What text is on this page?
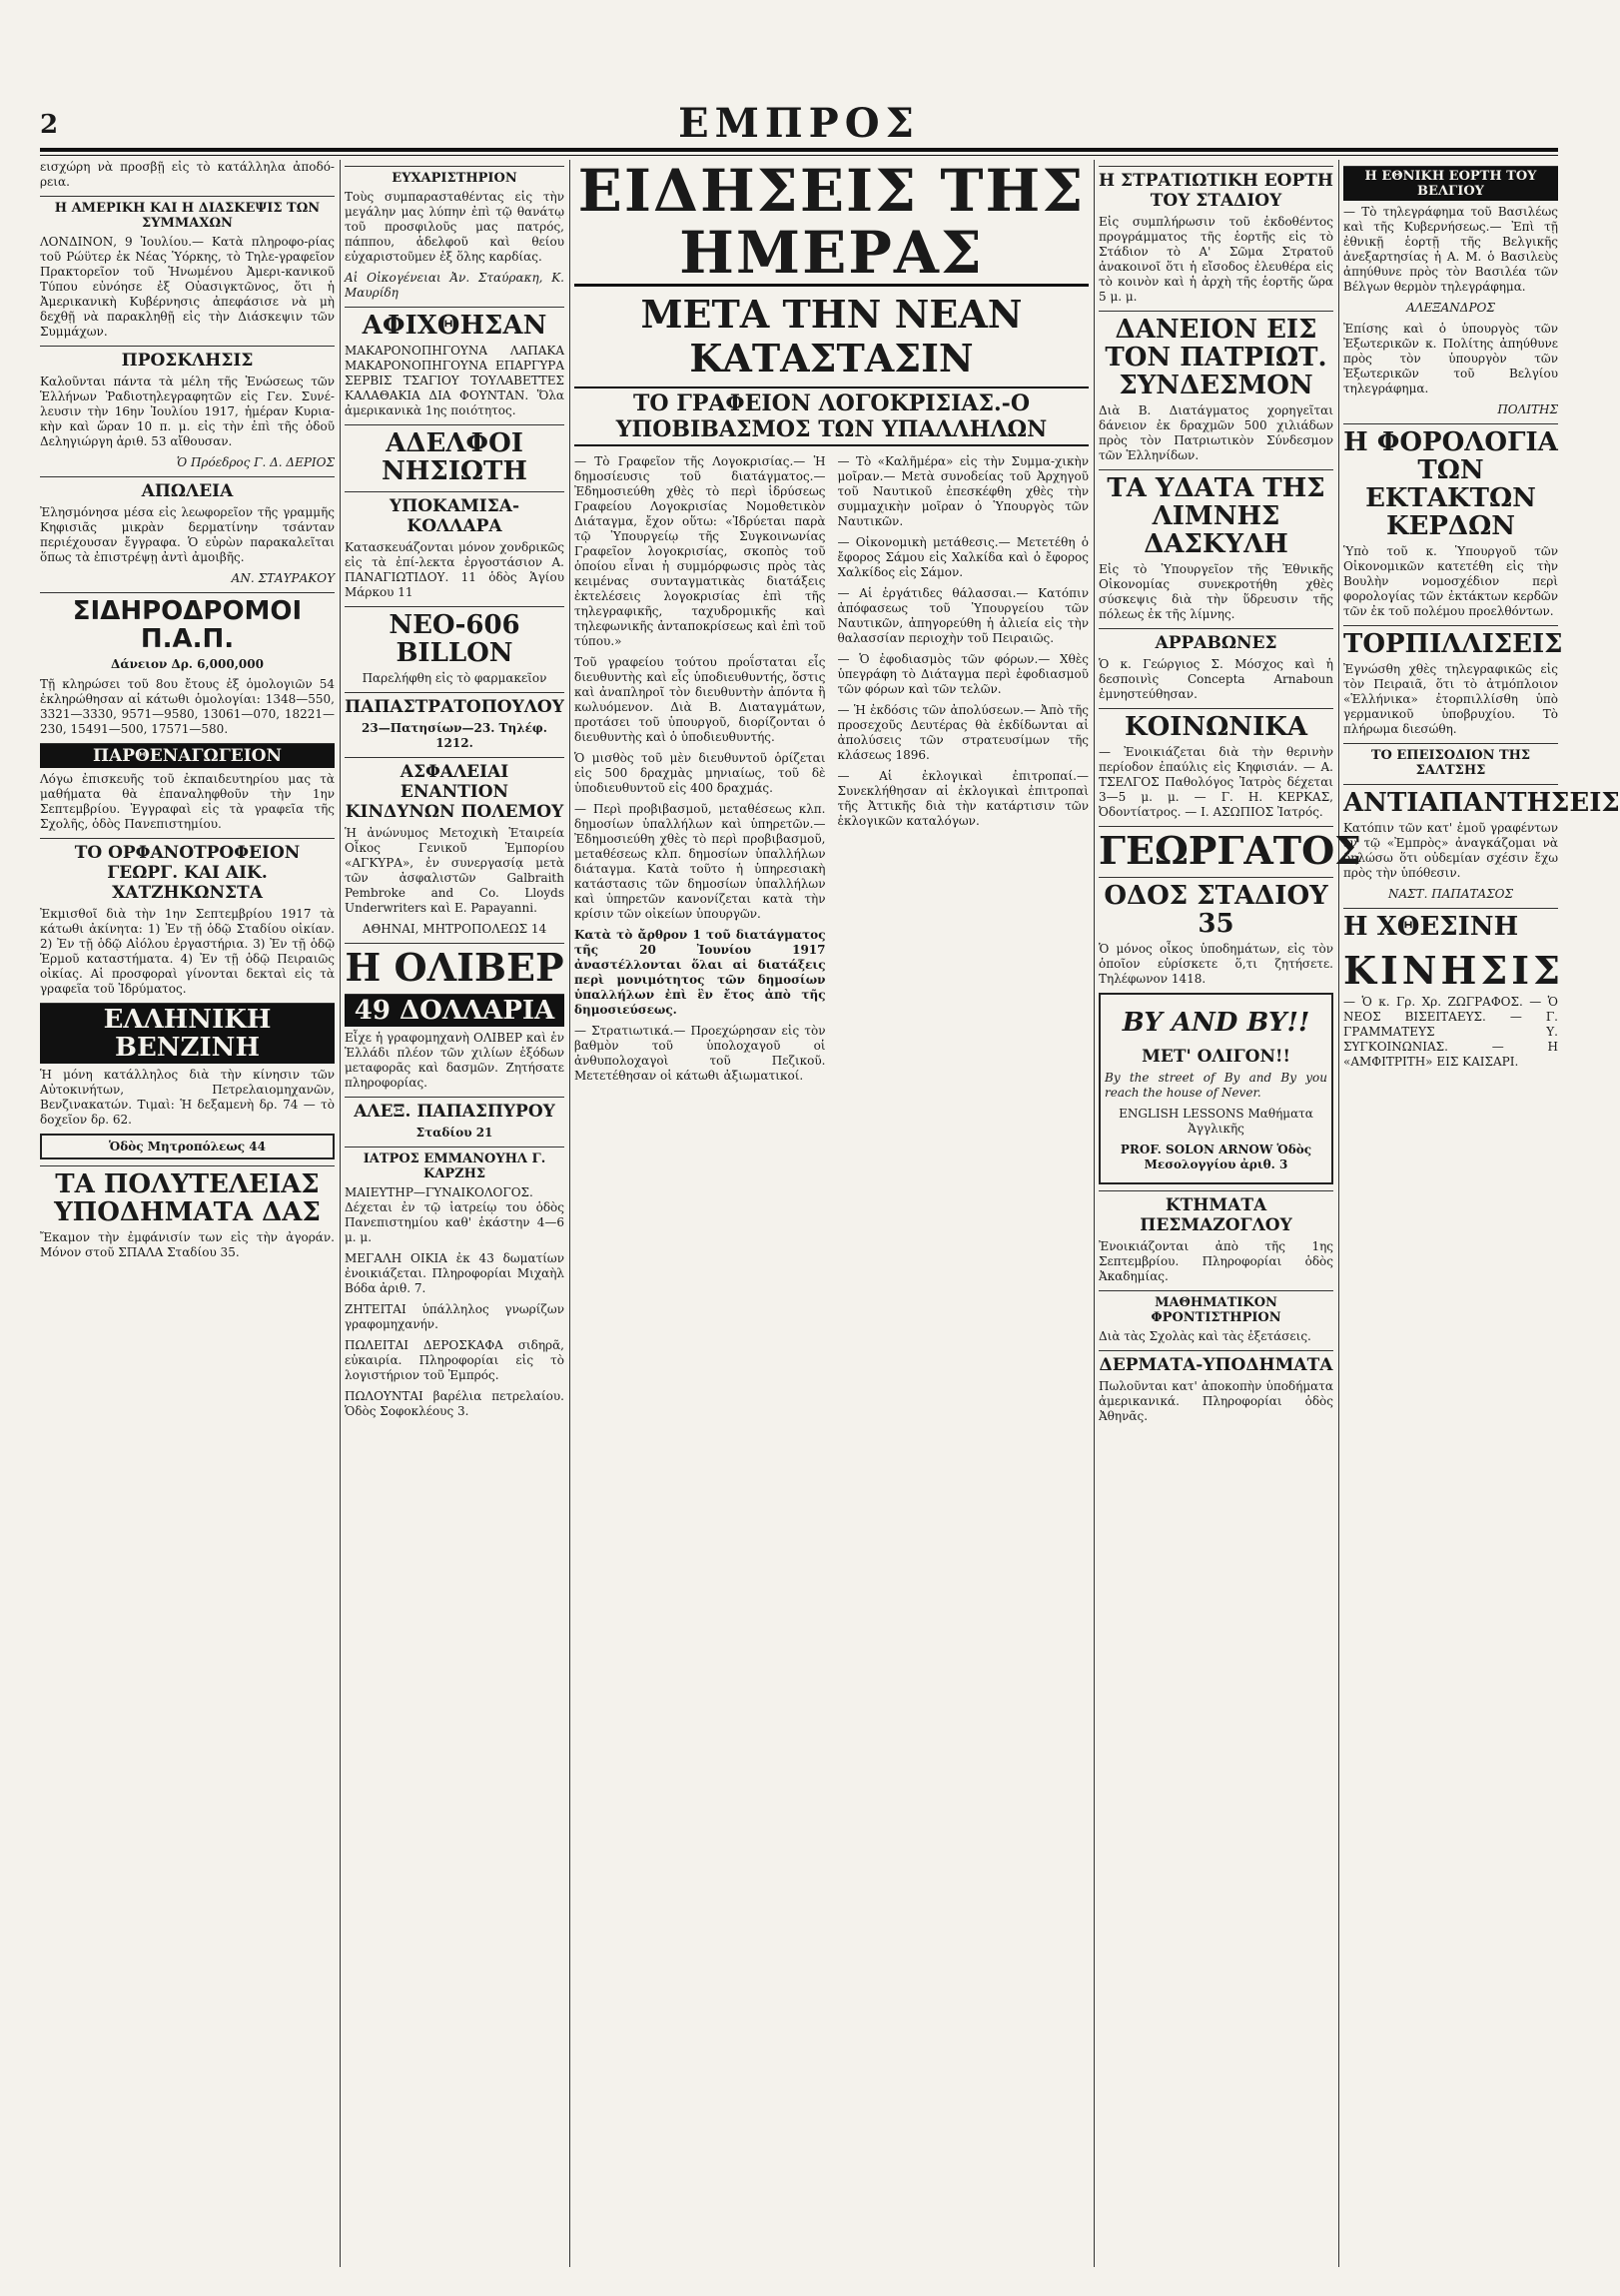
2	ΕΜΠΡΟΣ

εισχώρη νὰ προσβῇ εἰς τὸ κατάλληλα ἀποδό-ρεια.

Η ΑΜΕΡΙΚΗ ΚΑΙ Η ΔΙΑΣΚΕΨΙΣ ΤΩΝ ΣΥΜΜΑΧΩΝ

ΛΟΝΔΙΝΟΝ, 9 Ἰουλίου.— Κατὰ πληροφο-ρίας τοῦ Ρώϋτερ ἐκ Νέας Ὑόρκης, τὸ Τηλε-γραφεῖον Πρακτορεῖον τοῦ Ἡνωμένου Ἀμερι-κανικοῦ Τύπου εὐνόησε ἐξ Οὐασιγκτῶνος, ὅτι ἡ Ἀμερικανικὴ Κυβέρνησις ἀπεφάσισε νὰ μὴ δεχθῇ νὰ παρακληθῇ εἰς τὴν Διάσκεψιν τῶν Συμμάχων.

ΠΡΟΣΚΛΗΣΙΣ

Καλοῦνται πάντα τὰ μέλη τῆς Ἑνώσεως τῶν Ἑλλήνων Ῥαδιοτηλεγραφητῶν εἰς Γεν. Συνέ-λευσιν τὴν 16ην Ἰουλίου 1917, ἡμέραν Κυρια-κὴν καὶ ὥραν 10 π. μ. εἰς τὴν ἐπὶ τῆς ὁδοῦ Δεληγιώργη ἀριθ. 53 αἴθουσαν.

Ὁ Πρόεδρος Γ. Δ. ΔΕΡΙΟΣ

ΑΠΩΛΕΙΑ

Ἐλησμόνησα μέσα εἰς λεωφορεῖον τῆς γραμμῆς Κηφισιᾶς μικρὰν δερματίνην τσάνταν περιέχουσαν ἔγγραφα. Ὁ εὑρὼν παρακαλεῖται ὅπως τὰ ἐπιστρέψῃ ἀντὶ ἀμοιβῆς.

ΑΝ. ΣΤΑΥΡΑΚΟΥ

ΣΙΔΗΡΟΔΡΟΜΟΙ Π.Α.Π.
Δάνειον Δρ. 6,000,000

Τῇ κληρώσει τοῦ 8ου ἔτους ἐξ ὁμολογιῶν 54 ἐκληρώθησαν αἱ κάτωθι ὁμολογίαι: 1348—550, 3321—3330, 9571—9580, 13061—070, 18221—230, 15491—500, 17571—580.

ΠΑΡΘΕΝΑΓΩΓΕΙΟΝ

Λόγω ἐπισκευῆς τοῦ ἐκπαιδευτηρίου μας τὰ μαθήματα θὰ ἐπαναληφθοῦν τὴν 1ην Σεπτεμβρίου. Ἐγγραφαὶ εἰς τὰ γραφεῖα τῆς Σχολῆς, ὁδὸς Πανεπιστημίου.

ΤΟ ΟΡΦΑΝΟΤΡΟΦΕΙΟΝ ΓΕΩΡΓ. ΚΑΙ ΑΙΚ. ΧΑΤΖΗΚΩΝΣΤΑ

Ἐκμισθοῖ διὰ τὴν 1ην Σεπτεμβρίου 1917 τὰ κάτωθι ἀκίνητα: 1) Ἐν τῇ ὁδῷ Σταδίου οἰκίαν. 2) Ἐν τῇ ὁδῷ Αἰόλου ἐργαστήρια. 3) Ἐν τῇ ὁδῷ Ἑρμοῦ καταστήματα. 4) Ἐν τῇ ὁδῷ Πειραιῶς οἰκίας. Αἱ προσφοραὶ γίνονται δεκταὶ εἰς τὰ γραφεῖα τοῦ Ἱδρύματος.

ΕΛΛΗΝΙΚΗ ΒΕΝΖΙΝΗ

Ἡ μόνη κατάλληλος διὰ τὴν κίνησιν τῶν Αὐτοκινήτων, Πετρελαιομηχανῶν, Βενζινακατών. Τιμαὶ: Ἡ δεξαμενὴ δρ. 74 — τὸ δοχεῖον δρ. 62.

Ὁδὸς Μητροπόλεως 44
ΤΑ ΠΟΛΥΤΕΛΕΙΑΣ ΥΠΟΔΗΜΑΤΑ ΔΑΣ

Ἔκαμον τὴν ἐμφάνισίν των εἰς τὴν ἀγοράν. Μόνον στοῦ ΣΠΑΛΑ Σταδίου 35.

ΕΥΧΑΡΙΣΤΗΡΙΟΝ

Τοὺς συμπαρασταθέντας εἰς τὴν μεγάλην μας λύπην ἐπὶ τῷ θανάτῳ τοῦ προσφιλοῦς μας πατρός, πάππου, ἀδελφοῦ καὶ θείου εὐχαριστοῦμεν ἐξ ὅλης καρδίας.

Αἱ Οἰκογένειαι Ἀν. Σταύρακη, Κ. Μαυρίδη

ΑΦΙΧΘΗΣΑΝ

ΜΑΚΑΡΟΝΟΠΗΓΟΥΝΑ ΛΑΠΑΚΑ ΜΑΚΑΡΟΝΟΠΗΓΟΥΝΑ ΕΠΑΡΓΥΡΑ ΣΕΡΒΙΣ ΤΣΑΓΙΟΥ ΤΟΥΛΑΒΕΤΤΕΣ ΚΑΛΑΘΑΚΙΑ ΔΙΑ ΦΟΥΝΤΑΝ. Ὅλα ἀμερικανικὰ 1ης ποιότητος.

ΑΔΕΛΦΟΙ ΝΗΣΙΩΤΗ
ΥΠΟΚΑΜΙΣΑ-ΚΟΛΛΑΡΑ

Κατασκευάζονται μόνον χονδρικῶς εἰς τὰ ἐπί-λεκτα ἐργοστάσιον Α. ΠΑΝΑΓΙΩΤΙΔΟΥ. 11 ὁδὸς Ἁγίου Μάρκου 11

ΝΕΟ-606 BILLON

Παρελήφθη εἰς τὸ φαρμακεῖον

ΠΑΠΑΣΤΡΑΤΟΠΟΥΛΟΥ

23—Πατησίων—23. Τηλέφ. 1212.

ΑΣΦΑΛΕΙΑΙ ΕΝΑΝΤΙΟΝ ΚΙΝΔΥΝΩΝ ΠΟΛΕΜΟΥ

Ἡ ἀνώνυμος Μετοχικὴ Ἑταιρεία Οἶκος Γενικοῦ Ἐμπορίου «ΑΓΚΥΡΑ», ἐν συνεργασίᾳ μετὰ τῶν ἀσφαλιστῶν Galbraith Pembroke and Co. Lloyds Underwriters καὶ E. Papayanni.

ΑΘΗΝΑΙ, ΜΗΤΡΟΠΟΛΕΩΣ 14

Η ΟΛΙΒΕΡ
49 ΔΟΛΛΑΡΙΑ

Εἶχε ἡ γραφομηχανὴ ΟΛΙΒΕΡ καὶ ἐν Ἑλλάδι πλέον τῶν χιλίων ἐξόδων μεταφορᾶς καὶ δασμῶν. Ζητήσατε πληροφορίας.

ΑΛΕΞ. ΠΑΠΑΣΠΥΡΟΥ

Σταδίου 21

ΙΑΤΡΟΣ ΕΜΜΑΝΟΥΗΛ Γ. ΚΑΡΖΗΣ

ΜΑΙΕΥΤΗΡ—ΓΥΝΑΙΚΟΛΟΓΟΣ. Δέχεται ἐν τῷ ἰατρείῳ του ὁδὸς Πανεπιστημίου καθ' ἑκάστην 4—6 μ. μ.

ΜΕΓΑΛΗ ΟΙΚΙΑ ἐκ 43 δωματίων ἐνοικιάζεται. Πληροφορίαι Μιχαὴλ Βόδα ἀριθ. 7.

ΖΗΤΕΙΤΑΙ ὑπάλληλος γνωρίζων γραφομηχανήν.

ΠΩΛΕΙΤΑΙ ΔΕΡΟΣΚΑΦΑ σιδηρᾶ, εὐκαιρία. Πληροφορίαι εἰς τὸ λογιστήριον τοῦ Ἐμπρός.

ΠΩΛΟΥΝΤΑΙ βαρέλια πετρελαίου. Ὁδὸς Σοφοκλέους 3.

ΕΙΔΗΣΕΙΣ ΤΗΣ ΗΜΕΡΑΣ
ΜΕΤΑ ΤΗΝ ΝΕΑΝ ΚΑΤΑΣΤΑΣΙΝ
ΤΟ ΓΡΑΦΕΙΟΝ ΛΟΓΟΚΡΙΣΙΑΣ.-Ο ΥΠΟΒΙΒΑΣΜΟΣ ΤΩΝ ΥΠΑΛΛΗΛΩΝ

— Τὸ Γραφεῖον τῆς Λογοκρισίας.— Ἡ δημοσίευσις τοῦ διατάγματος.— Ἐδημοσιεύθη χθὲς τὸ περὶ ἱδρύσεως Γραφείου Λογοκρισίας Νομοθετικὸν Διάταγμα, ἔχον οὕτω: «Ἱδρύεται παρὰ τῷ Ὑπουργείῳ τῆς Συγκοινωνίας Γραφεῖον λογοκρισίας, σκοπὸς τοῦ ὁποίου εἶναι ἡ συμμόρφωσις πρὸς τὰς κειμένας συνταγματικὰς διατάξεις ἐκτελέσεις λογοκρισίας ἐπὶ τῆς τηλεγραφικῆς, ταχυδρομικῆς καὶ τηλεφωνικῆς ἀνταποκρίσεως καὶ ἐπὶ τοῦ τύπου.»

Τοῦ γραφείου τούτου προΐσταται εἷς διευθυντὴς καὶ εἷς ὑποδιευθυντής, ὅστις καὶ ἀναπληροῖ τὸν διευθυντὴν ἀπόντα ἢ κωλυόμενον. Διὰ Β. Διαταγμάτων, προτάσει τοῦ ὑπουργοῦ, διορίζονται ὁ διευθυντὴς καὶ ὁ ὑποδιευθυντής.

Ὁ μισθὸς τοῦ μὲν διευθυντοῦ ὁρίζεται εἰς 500 δραχμὰς μηνιαίως, τοῦ δὲ ὑποδιευθυντοῦ εἰς 400 δραχμάς.

— Περὶ προβιβασμοῦ, μεταθέσεως κλπ. δημοσίων ὑπαλλήλων καὶ ὑπηρετῶν.— Ἐδημοσιεύθη χθὲς τὸ περὶ προβιβασμοῦ, μεταθέσεως κλπ. δημοσίων ὑπαλλήλων διάταγμα. Κατὰ τοῦτο ἡ ὑπηρεσιακὴ κατάστασις τῶν δημοσίων ὑπαλλήλων καὶ ὑπηρετῶν κανονίζεται κατὰ τὴν κρίσιν τῶν οἰκείων ὑπουργῶν.

Κατὰ τὸ ἄρθρον 1 τοῦ διατάγματος τῆς 20 Ἰουνίου 1917 ἀναστέλλονται ὅλαι αἱ διατάξεις περὶ μονιμότητος τῶν δημοσίων ὑπαλλήλων ἐπὶ ἓν ἔτος ἀπὸ τῆς δημοσιεύσεως.

— Στρατιωτικά.— Προεχώρησαν εἰς τὸν βαθμὸν τοῦ ὑπολοχαγοῦ οἱ ἀνθυπολοχαγοὶ τοῦ Πεζικοῦ. Μετετέθησαν οἱ κάτωθι ἀξιωματικοί.

— Τὸ «Καλῆμέρα» εἰς τὴν Συμμα-χικὴν μοῖραν.— Μετὰ συνοδείας τοῦ Ἀρχηγοῦ τοῦ Ναυτικοῦ ἐπεσκέφθη χθὲς τὴν συμμαχικὴν μοῖραν ὁ Ὑπουργὸς τῶν Ναυτικῶν.

— Οἰκονομικὴ μετάθεσις.— Μετετέθη ὁ ἔφορος Σάμου εἰς Χαλκίδα καὶ ὁ ἔφορος Χαλκίδος εἰς Σάμον.

— Αἱ ἐργάτιδες θάλασσαι.— Κατόπιν ἀπόφασεως τοῦ Ὑπουργείου τῶν Ναυτικῶν, ἀπηγορεύθη ἡ ἁλιεία εἰς τὴν θαλασσίαν περιοχὴν τοῦ Πειραιῶς.

— Ὁ ἐφοδιασμὸς τῶν φόρων.— Χθὲς ὑπεγράφη τὸ Διάταγμα περὶ ἐφοδιασμοῦ τῶν φόρων καὶ τῶν τελῶν.

— Ἡ ἐκδόσις τῶν ἀπολύσεων.— Ἀπὸ τῆς προσεχοῦς Δευτέρας θὰ ἐκδίδωνται αἱ ἀπολύσεις τῶν στρατευσίμων τῆς κλάσεως 1896.

— Αἱ ἐκλογικαὶ ἐπιτροπαί.— Συνεκλήθησαν αἱ ἐκλογικαὶ ἐπιτροπαὶ τῆς Ἀττικῆς διὰ τὴν κατάρτισιν τῶν ἐκλογικῶν καταλόγων.

Η ΣΤΡΑΤΙΩΤΙΚΗ ΕΟΡΤΗ ΤΟΥ ΣΤΑΔΙΟΥ

Εἰς συμπλήρωσιν τοῦ ἐκδοθέντος προγράμματος τῆς ἑορτῆς εἰς τὸ Στάδιον τὸ Α' Σῶμα Στρατοῦ ἀνακοινοῖ ὅτι ἡ εἴσοδος ἐλευθέρα εἰς τὸ κοινὸν καὶ ἡ ἀρχὴ τῆς ἑορτῆς ὥρα 5 μ. μ.

ΔΑΝΕΙΟΝ ΕΙΣ ΤΟΝ ΠΑΤΡΙΩΤ. ΣΥΝΔΕΣΜΟΝ

Διὰ Β. Διατάγματος χορηγεῖται δάνειον ἐκ δραχμῶν 500 χιλιάδων πρὸς τὸν Πατριωτικὸν Σύνδεσμον τῶν Ἑλληνίδων.

ΤΑ ΥΔΑΤΑ ΤΗΣ ΛΙΜΝΗΣ ΔΑΣΚΥΛΗ

Εἰς τὸ Ὑπουργεῖον τῆς Ἐθνικῆς Οἰκονομίας συνεκροτήθη χθὲς σύσκεψις διὰ τὴν ὕδρευσιν τῆς πόλεως ἐκ τῆς λίμνης.

ΑΡΡΑΒΩΝΕΣ

Ὁ κ. Γεώργιος Σ. Μόσχος καὶ ἡ δεσποινὶς Concepta Arnaboun ἐμνηστεύθησαν.

ΚΟΙΝΩΝΙΚΑ

— Ἐνοικιάζεται διὰ τὴν θερινὴν περίοδον ἐπαύλις εἰς Κηφισιάν. — Α. ΤΣΕΛΓΟΣ Παθολόγος Ἰατρὸς δέχεται 3—5 μ. μ. — Γ. Η. ΚΕΡΚΑΣ, Ὀδοντίατρος. — Ι. ΑΣΩΠΙΟΣ Ἰατρός.

ΓΕΩΡΓΑΤΟΣ
ΟΔΟΣ ΣΤΑΔΙΟΥ 35

Ὁ μόνος οἶκος ὑποδημάτων, εἰς τὸν ὁποῖον εὑρίσκετε ὅ,τι ζητήσετε. Τηλέφωνον 1418.

BY AND BY!!
ΜΕΤ' ΟΛΙΓΟΝ!!

By the street of By and By you reach the house of Never.

ENGLISH LESSONS Μαθήματα Ἀγγλικῆς

PROF. SOLON ARNOW Ὁδὸς Μεσολογγίου ἀριθ. 3

ΚΤΗΜΑΤΑ ΠΕΣΜΑΖΟΓΛΟΥ

Ἐνοικιάζονται ἀπὸ τῆς 1ης Σεπτεμβρίου. Πληροφορίαι ὁδὸς Ἀκαδημίας.

ΜΑΘΗΜΑΤΙΚΟΝ ΦΡΟΝΤΙΣΤΗΡΙΟΝ

Διὰ τὰς Σχολὰς καὶ τὰς ἐξετάσεις.

ΔΕΡΜΑΤΑ-ΥΠΟΔΗΜΑΤΑ

Πωλοῦνται κατ' ἀποκοπὴν ὑποδήματα ἀμερικανικά. Πληροφορίαι ὁδὸς Ἀθηνᾶς.

Η ΕΘΝΙΚΗ ΕΟΡΤΗ ΤΟΥ ΒΕΛΓΙΟΥ

— Τὸ τηλεγράφημα τοῦ Βασιλέως καὶ τῆς Κυβερνήσεως.— Ἐπὶ τῇ ἐθνικῇ ἑορτῇ τῆς Βελγικῆς ἀνεξαρτησίας ἡ Α. Μ. ὁ Βασιλεὺς ἀπηύθυνε πρὸς τὸν Βασιλέα τῶν Βέλγων θερμὸν τηλεγράφημα.

ΑΛΕΞΑΝΔΡΟΣ

Ἐπίσης καὶ ὁ ὑπουργὸς τῶν Ἐξωτερικῶν κ. Πολίτης ἀπηύθυνε πρὸς τὸν ὑπουργὸν τῶν Ἐξωτερικῶν τοῦ Βελγίου τηλεγράφημα.

ΠΟΛΙΤΗΣ

Η ΦΟΡΟΛΟΓΙΑ ΤΩΝ ΕΚΤΑΚΤΩΝ ΚΕΡΔΩΝ

Ὑπὸ τοῦ κ. Ὑπουργοῦ τῶν Οἰκονομικῶν κατετέθη εἰς τὴν Βουλὴν νομοσχέδιον περὶ φορολογίας τῶν ἐκτάκτων κερδῶν τῶν ἐκ τοῦ πολέμου προελθόντων.

ΤΟΡΠΙΛΛΙΣΕΙΣ

Ἐγνώσθη χθὲς τηλεγραφικῶς εἰς τὸν Πειραιᾶ, ὅτι τὸ ἀτμόπλοιον «Ἑλλήνικα» ἐτορπιλλίσθη ὑπὸ γερμανικοῦ ὑποβρυχίου. Τὸ πλήρωμα διεσώθη.

ΤΟ ΕΠΕΙΣΟΔΙΟΝ ΤΗΣ ΣΑΛΤΣΗΣ
ΑΝΤΙΑΠΑΝΤΗΣΕΙΣ

Κατόπιν τῶν κατ' ἐμοῦ γραφέντων ἐν τῷ «Ἐμπρὸς» ἀναγκάζομαι νὰ δηλώσω ὅτι οὐδεμίαν σχέσιν ἔχω πρὸς τὴν ὑπόθεσιν.

ΝΑΣΤ. ΠΑΠΑΤΑΣΟΣ

Η ΧΘΕΣΙΝΗ
ΚΙΝΗΣΙΣ

— Ὁ κ. Γρ. Χρ. ΖΩΓΡΑΦΟΣ. — Ὁ ΝΕΟΣ ΒΙΣΕΙΤΑΕΥΣ. — Γ. ΓΡΑΜΜΑΤΕΥΣ Υ. ΣΥΓΚΟΙΝΩΝΙΑΣ. — Η «ΑΜΦΙΤΡΙΤΗ» ΕΙΣ ΚΑΙΣΑΡΙ.
